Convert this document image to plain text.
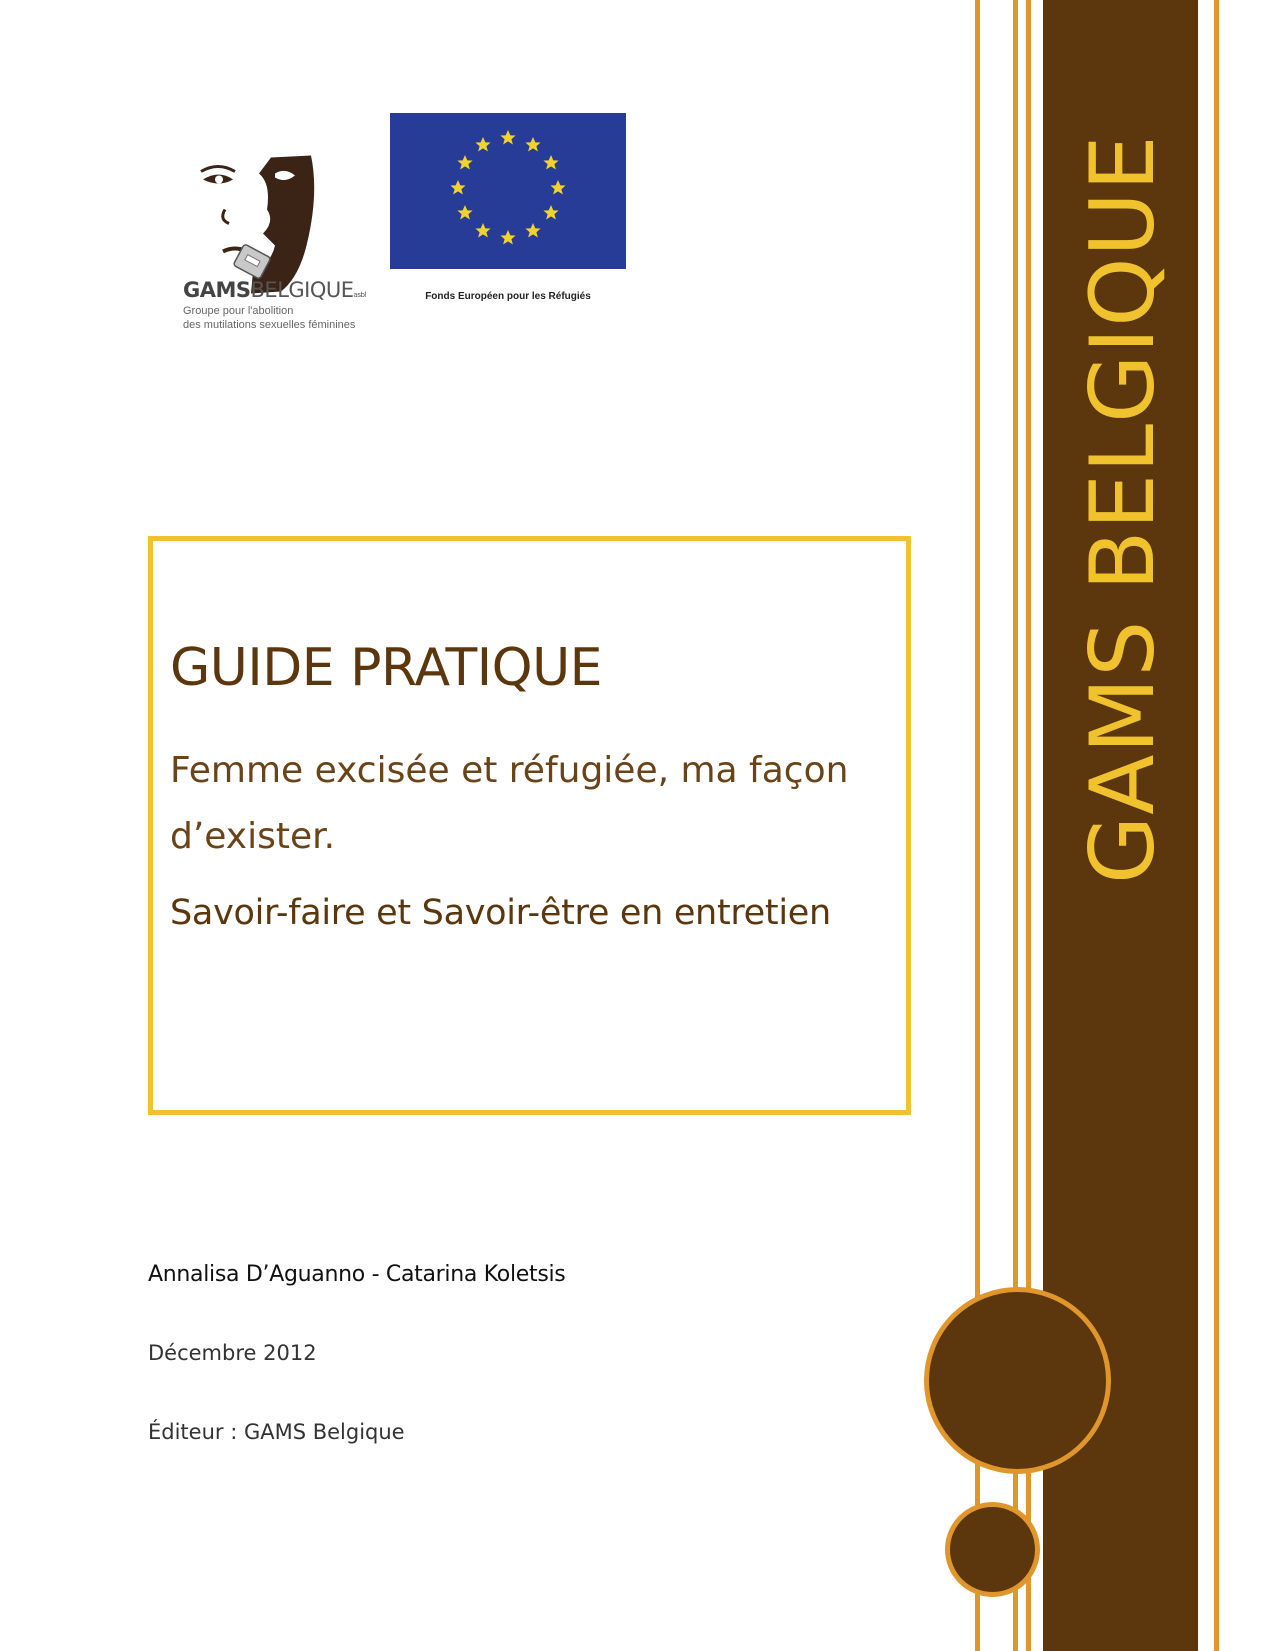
GAMS BELGIQUE
GAMSBELGIQUEasbl
Groupe pour l'abolition
des mutilations sexuelles féminines
Fonds Européen pour les Réfugiés
GUIDE PRATIQUE
Femme excisée et réfugiée, ma façon d’exister.
Savoir-faire et Savoir-être en entretien
Annalisa D’Aguanno - Catarina Koletsis
Décembre 2012
Éditeur : GAMS Belgique
